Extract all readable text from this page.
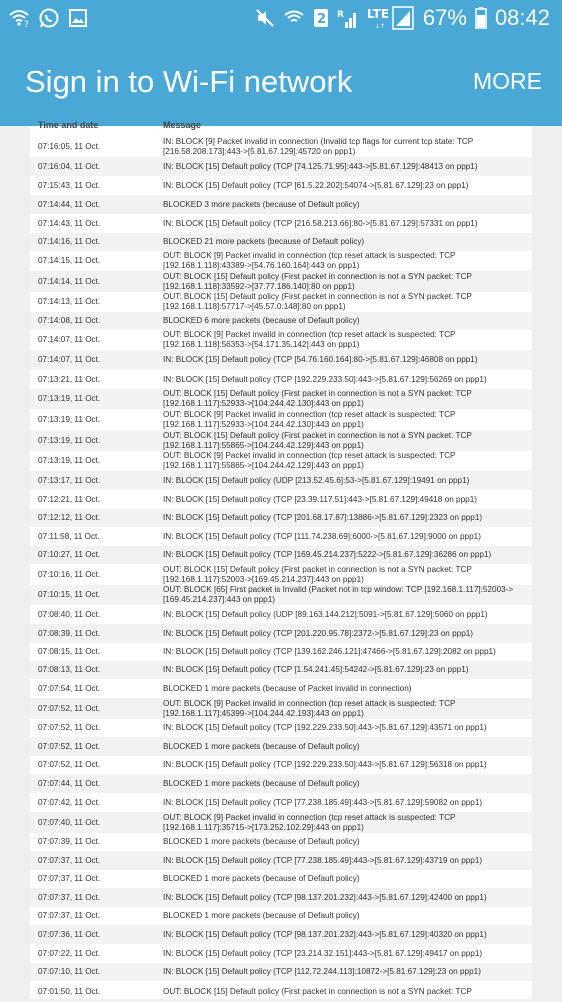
?	2 R LTE
↓↑ 67% 08:42
Sign in to Wi-Fi network	MORE
Time and date	Message
07:16:05, 11 Oct.
IN: BLOCK [9] Packet invalid in connection (Invalid tcp flags for current tcp state: TCP [216.58.208.173]:443->[5.81.67.129]:45720 on ppp1)
07:16:04, 11 Oct.	IN: BLOCK [15] Default policy (TCP [74.125.71.95]:443->[5.81.67.129]:48413 on ppp1)
07:15:43, 11 Oct.	IN: BLOCK [15] Default policy (TCP [61.5.22.202]:54074->[5.81.67.129]:23 on ppp1)
07:14:44, 11 Oct.	BLOCKED 3 more packets (because of Default policy)
07:14:43, 11 Oct.	IN: BLOCK [15] Default policy (TCP [216.58.213.66]:80->[5.81.67.129]:57331 on ppp1)
07:14:16, 11 Oct.	BLOCKED 21 more packets (because of Default policy)
07:14:15, 11 Oct.
OUT: BLOCK [9] Packet invalid in connection (tcp reset attack is suspected: TCP [192.168.1.118]:43389->[54.76.160.164]:443 on ppp1)
07:14:14, 11 Oct.
OUT: BLOCK [15] Default policy (First packet in connection is not a SYN packet: TCP [192.168.1.118]:33592->[37.77.186.140]:80 on ppp1)
07:14:13, 11 Oct.
OUT: BLOCK [15] Default policy (First packet in connection is not a SYN packet: TCP [192.168.1.118]:57717->[45.57.0.148]:80 on ppp1)
07:14:08, 11 Oct.	BLOCKED 6 more packets (because of Default policy)
07:14:07, 11 Oct.
OUT: BLOCK [9] Packet invalid in connection (tcp reset attack is suspected: TCP [192.168.1.118]:56353->[54.171.35.142]:443 on ppp1)
07:14:07, 11 Oct.	IN: BLOCK [15] Default policy (TCP [54.76.160.164]:80->[5.81.67.129]:46808 on ppp1)
07:13:21, 11 Oct.	IN: BLOCK [15] Default policy (TCP [192.229.233.50]:443->[5.81.67.129]:56269 on ppp1)
07:13:19, 11 Oct.
OUT: BLOCK [15] Default policy (First packet in connection is not a SYN packet: TCP [192.168.1.117]:52933->[104.244.42.130]:443 on ppp1)
07:13:19, 11 Oct.
OUT: BLOCK [9] Packet invalid in connection (tcp reset attack is suspected: TCP [192.168.1.117]:52933->[104.244.42.130]:443 on ppp1)
07:13:19, 11 Oct.
OUT: BLOCK [15] Default policy (First packet in connection is not a SYN packet: TCP [192.168.1.117]:55865->[104.244.42.129]:443 on ppp1)
07:13:19, 11 Oct.
OUT: BLOCK [9] Packet invalid in connection (tcp reset attack is suspected: TCP [192.168.1.117]:55865->[104.244.42.129]:443 on ppp1)
07:13:17, 11 Oct.	IN: BLOCK [15] Default policy (UDP [213.52.45.6]:53->[5.81.67.129]:19491 on ppp1)
07:12:21, 11 Oct.	IN: BLOCK [15] Default policy (TCP [23.39.117.51]:443->[5.81.67.129]:49418 on ppp1)
07:12:12, 11 Oct.	IN: BLOCK [15] Default policy (TCP [201.68.17.87]:13886->[5.81.67.129]:2323 on ppp1)
07:11:58, 11 Oct.	IN: BLOCK [15] Default policy (TCP [111.74.238.69]:6000->[5.81.67.129]:9000 on ppp1)
07:10:27, 11 Oct.	IN: BLOCK [15] Default policy (TCP [169.45.214.237]:5222->[5.81.67.129]:36286 on ppp1)
07:10:16, 11 Oct.
OUT: BLOCK [15] Default policy (First packet in connection is not a SYN packet: TCP [192.168.1.117]:52003->[169.45.214.237]:443 on ppp1)
07:10:15, 11 Oct.
OUT: BLOCK [65] First packet is Invalid (Packet not in tcp window: TCP [192.168.1.117]:52003->[169.45.214.237]:443 on ppp1)
07:08:40, 11 Oct.	IN: BLOCK [15] Default policy (UDP [89.163.144.212]:5091->[5.81.67.129]:5060 on ppp1)
07:08:39, 11 Oct.	IN: BLOCK [15] Default policy (TCP [201.220.95.78]:2372->[5.81.67.129]:23 on ppp1)
07:08:15, 11 Oct.	IN: BLOCK [15] Default policy (TCP [139.162.246.121]:47466->[5.81.67.129]:2082 on ppp1)
07:08:13, 11 Oct.	IN: BLOCK [15] Default policy (TCP [1.54.241.45]:54242->[5.81.67.129]:23 on ppp1)
07:07:54, 11 Oct.	BLOCKED 1 more packets (because of Packet invalid in connection)
07:07:52, 11 Oct.
OUT: BLOCK [9] Packet invalid in connection (tcp reset attack is suspected: TCP [192.168.1.117]:45399->[104.244.42.193]:443 on ppp1)
07:07:52, 11 Oct.	IN: BLOCK [15] Default policy (TCP [192.229.233.50]:443->[5.81.67.129]:43571 on ppp1)
07:07:52, 11 Oct.	BLOCKED 1 more packets (because of Default policy)
07:07:52, 11 Oct.	IN: BLOCK [15] Default policy (TCP [192.229.233.50]:443->[5.81.67.129]:56318 on ppp1)
07:07:44, 11 Oct.	BLOCKED 1 more packets (because of Default policy)
07:07:42, 11 Oct.	IN: BLOCK [15] Default policy (TCP [77.238.185.49]:443->[5.81.67.129]:59082 on ppp1)
07:07:40, 11 Oct.
OUT: BLOCK [9] Packet invalid in connection (tcp reset attack is suspected: TCP [192.168.1.117]:35715->[173.252.102.29]:443 on ppp1)
07:07:39, 11 Oct.	BLOCKED 1 more packets (because of Default policy)
07:07:37, 11 Oct.	IN: BLOCK [15] Default policy (TCP [77.238.185.49]:443->[5.81.67.129]:43719 on ppp1)
07:07:37, 11 Oct.	BLOCKED 1 more packets (because of Default policy)
07:07:37, 11 Oct.	IN: BLOCK [15] Default policy (TCP [98.137.201.232]:443->[5.81.67.129]:42400 on ppp1)
07:07:37, 11 Oct.	BLOCKED 1 more packets (because of Default policy)
07:07:36, 11 Oct.	IN: BLOCK [15] Default policy (TCP [98.137.201.232]:443->[5.81.67.129]:40320 on ppp1)
07:07:22, 11 Oct.	IN: BLOCK [15] Default policy (TCP [23.214.32.151]:443->[5.81.67.129]:49417 on ppp1)
07:07:10, 11 Oct.	IN: BLOCK [15] Default policy (TCP [112.72.244.113]:10872->[5.81.67.129]:23 on ppp1)
07:01:50, 11 Oct.	OUT: BLOCK [15] Default policy (First packet in connection is not a SYN packet: TCP
